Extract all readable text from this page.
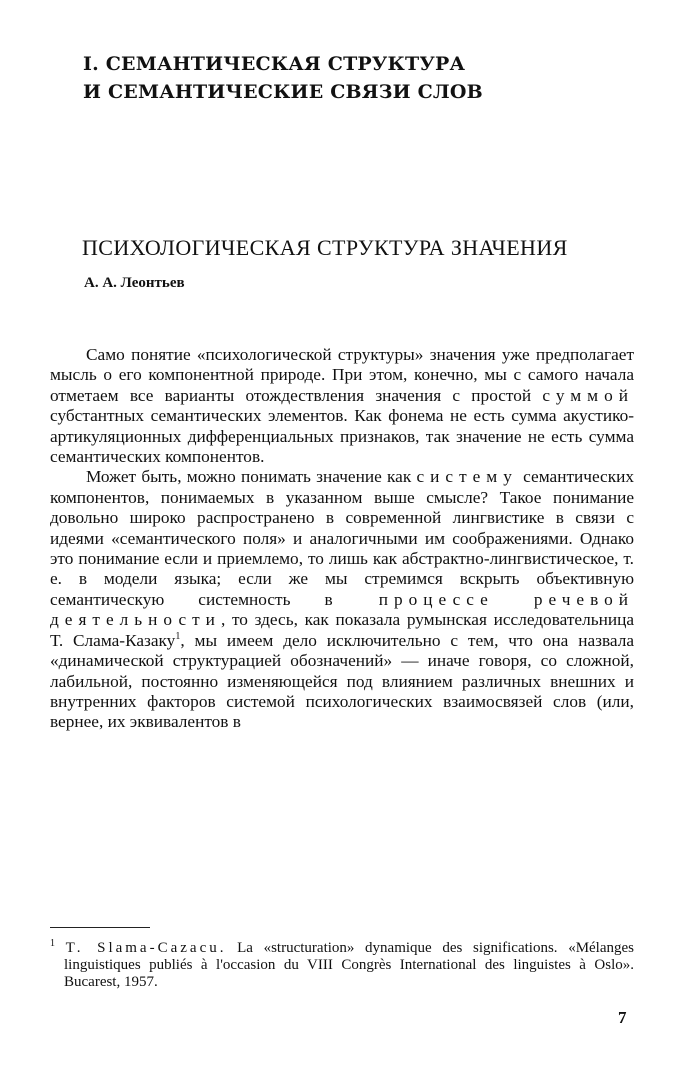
I. СЕМАНТИЧЕСКАЯ СТРУКТУРА
И СЕМАНТИЧЕСКИЕ СВЯЗИ СЛОВ
ПСИХОЛОГИЧЕСКАЯ СТРУКТУРА ЗНАЧЕНИЯ
А. А. Леонтьев

Само понятие «психологической структуры» значения уже предполагает мысль о его компонентной природе. При этом, конечно, мы с самого начала отметаем все варианты отождествления значения с простой суммой субстантных семантических элементов. Как фонема не есть сумма акустико-артикуляционных дифференциальных признаков, так значение не есть сумма семантических компонентов.

Может быть, можно понимать значение как систему семантических компонентов, понимаемых в указанном выше смысле? Такое понимание довольно широко распространено в современной лингвистике в связи с идеями «семантического поля» и аналогичными им соображениями. Однако это понимание если и приемлемо, то лишь как абстрактно-лингвистическое, т. е. в модели языка; если же мы стремимся вскрыть объективную семантическую системность в процессе речевой деятельности, то здесь, как показала румынская исследовательница Т. Слама-Казаку$^1$, мы имеем дело исключительно с тем, что она назвала «динамической структурацией обозначений» — иначе говоря, со сложной, лабильной, постоянно изменяющейся под влиянием различных внешних и внутренних факторов системой психологических взаимосвязей слов (или, вернее, их эквивалентов в

$^1$ T. Slama-Cazacu. La «structuration» dynamique des significations. «Mélanges linguistiques publiés à l'occasion du VIII Congrès International des linguistes à Oslo». Bucarest, 1957.

7
